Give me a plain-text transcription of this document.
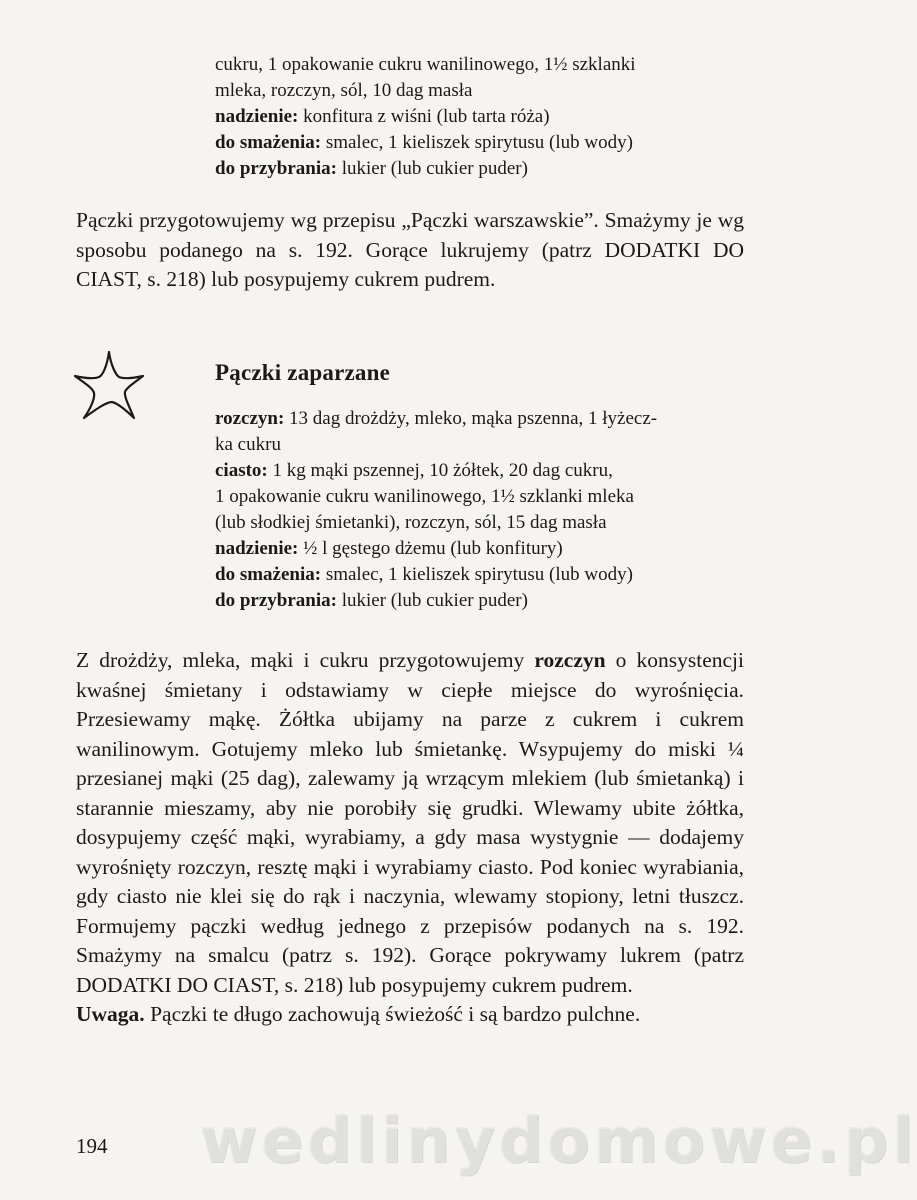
cukru, 1 opakowanie cukru wanilinowego, 1½ szklanki
mleka, rozczyn, sól, 10 dag masła
nadzienie: konfitura z wiśni (lub tarta róża)
do smażenia: smalec, 1 kieliszek spirytusu (lub wody)
do przybrania: lukier (lub cukier puder)

Pączki przygotowujemy wg przepisu „Pączki warszawskie”. Smażymy je wg sposobu podanego na s. 192. Gorące lukrujemy (patrz DODATKI DO CIAST, s. 218) lub posypujemy cukrem pudrem.

Pączki zaparzane
rozczyn: 13 dag drożdży, mleko, mąka pszenna, 1 łyżecz-
ka cukru
ciasto: 1 kg mąki pszennej, 10 żółtek, 20 dag cukru,
1 opakowanie cukru wanilinowego, 1½ szklanki mleka
(lub słodkiej śmietanki), rozczyn, sól, 15 dag masła
nadzienie: ½ l gęstego dżemu (lub konfitury)
do smażenia: smalec, 1 kieliszek spirytusu (lub wody)
do przybrania: lukier (lub cukier puder)

Z drożdży, mleka, mąki i cukru przygotowujemy rozczyn o konsystencji kwaśnej śmietany i odstawiamy w ciepłe miejsce do wyrośnięcia. Przesiewamy mąkę. Żółtka ubijamy na parze z cukrem i cukrem wanilinowym. Gotujemy mleko lub śmietankę. Wsypujemy do miski ¼ przesianej mąki (25 dag), zalewamy ją wrzącym mlekiem (lub śmietanką) i starannie mieszamy, aby nie porobiły się grudki. Wlewamy ubite żółtka, dosypujemy część mąki, wyrabiamy, a gdy masa wystygnie — dodajemy wyrośnięty rozczyn, resztę mąki i wyrabiamy ciasto. Pod koniec wyrabiania, gdy ciasto nie klei się do rąk i naczynia, wlewamy stopiony, letni tłuszcz. Formujemy pączki według jednego z przepisów podanych na s. 192. Smażymy na smalcu (patrz s. 192). Gorące pokrywamy lukrem (patrz DODATKI DO CIAST, s. 218) lub posypujemy cukrem pudrem.

Uwaga. Pączki te długo zachowują świeżość i są bardzo pulchne.

wedlinydomowe.pl
194
